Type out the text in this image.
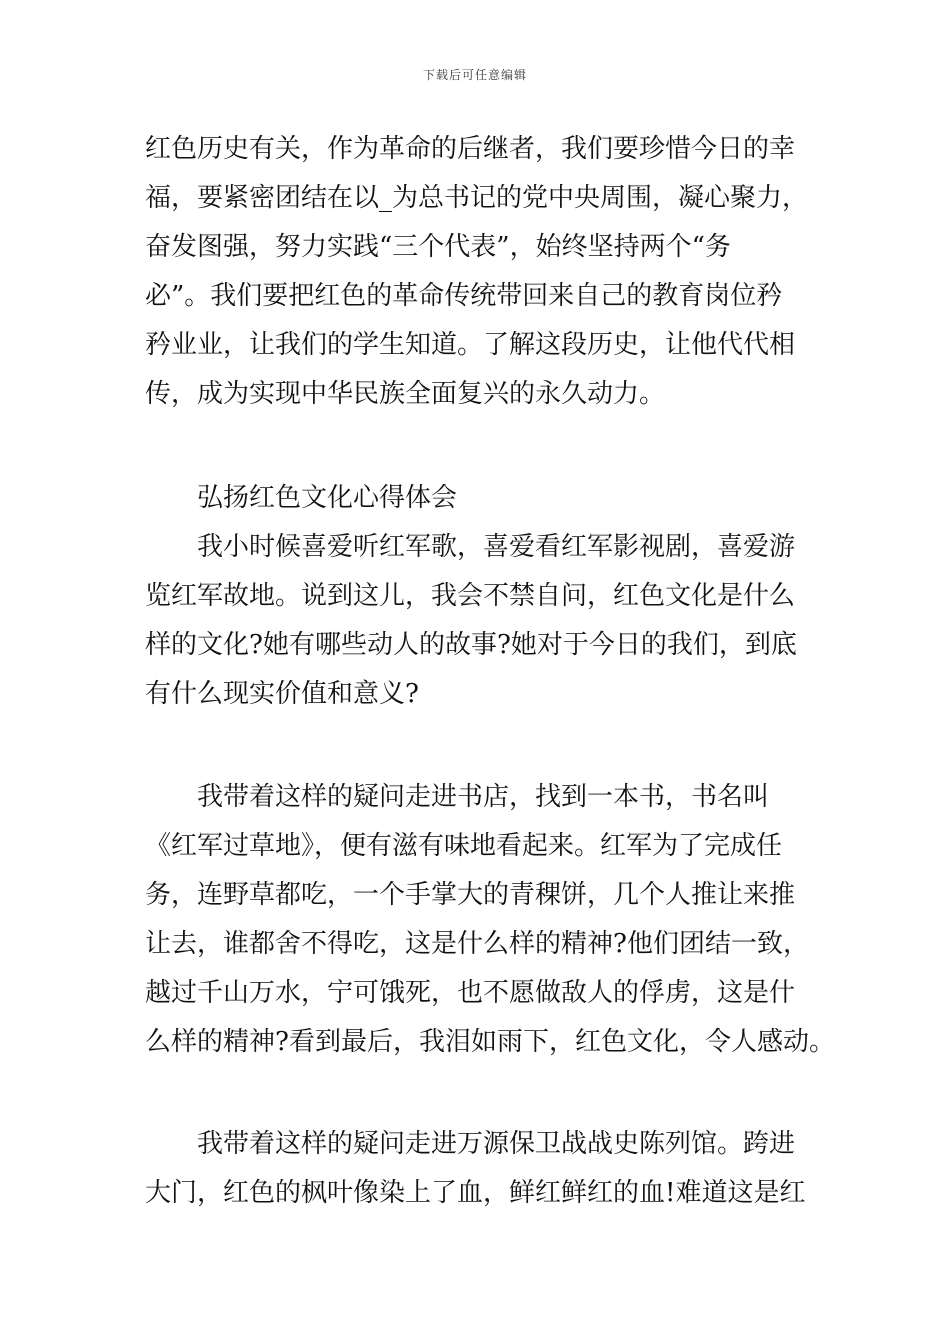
下载后可任意编辑
红色历史有关，作为革命的后继者，我们要珍惜今日的幸
福，要紧密团结在以_为总书记的党中央周围，凝心聚力，
奋发图强，努力实践“三个代表”，始终坚持两个“务
必”。我们要把红色的革命传统带回来自己的教育岗位矜
矜业业，让我们的学生知道。了解这段历史，让他代代相
传，成为实现中华民族全面复兴的永久动力。
弘扬红色文化心得体会
我小时候喜爱听红军歌，喜爱看红军影视剧，喜爱游
览红军故地。说到这儿，我会不禁自问，红色文化是什么
样的文化?她有哪些动人的故事?她对于今日的我们，到底
有什么现实价值和意义?
我带着这样的疑问走进书店，找到一本书，书名叫
《红军过草地》，便有滋有味地看起来。红军为了完成任
务，连野草都吃，一个手掌大的青稞饼，几个人推让来推
让去，谁都舍不得吃，这是什么样的精神?他们团结一致，
越过千山万水，宁可饿死，也不愿做敌人的俘虏，这是什
么样的精神?看到最后，我泪如雨下，红色文化，令人感动。
我带着这样的疑问走进万源保卫战战史陈列馆。跨进
大门，红色的枫叶像染上了血，鲜红鲜红的血!难道这是红
